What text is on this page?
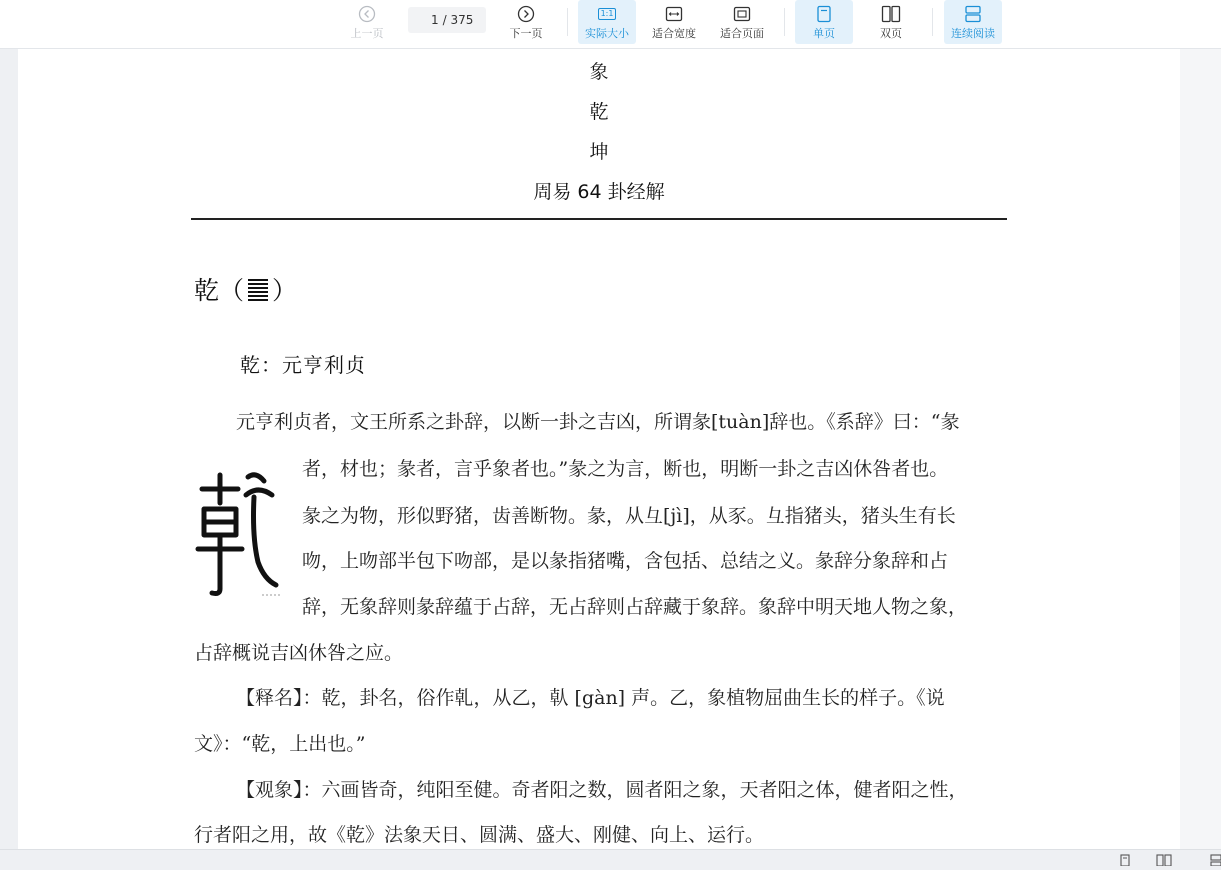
上一页
1
/ 375
下一页
1:1
实际大小 适合宽度 适合页面	单页	双页	连续阅读
象
乾
坤
周易 64 卦经解
乾（ ）
乾：元亨利贞
元亨利贞者，文王所系之卦辞，以断一卦之吉凶，所谓彖[tuàn]辞也。《系辞》曰：“彖
者，材也；彖者，言乎象者也。”彖之为言，断也，明断一卦之吉凶休咎者也。
彖之为物，形似野猪，齿善断物。彖，从彑[jì]，从豕。彑指猪头，猪头生有长
吻，上吻部半包下吻部，是以彖指猪嘴，含包括、总结之义。彖辞分象辞和占
辞，无象辞则彖辞蕴于占辞，无占辞则占辞藏于象辞。象辞中明天地人物之象，
占辞概说吉凶休咎之应。
【释名】：乾，卦名，俗作乹，从乙，倝 [gàn] 声。乙，象植物屈曲生长的样子。《说
文》：“乾，上出也。”
【观象】：六画皆奇，纯阳至健。奇者阳之数，圆者阳之象，天者阳之体，健者阳之性，
行者阳之用，故《乾》法象天日、圆满、盛大、刚健、向上、运行。
